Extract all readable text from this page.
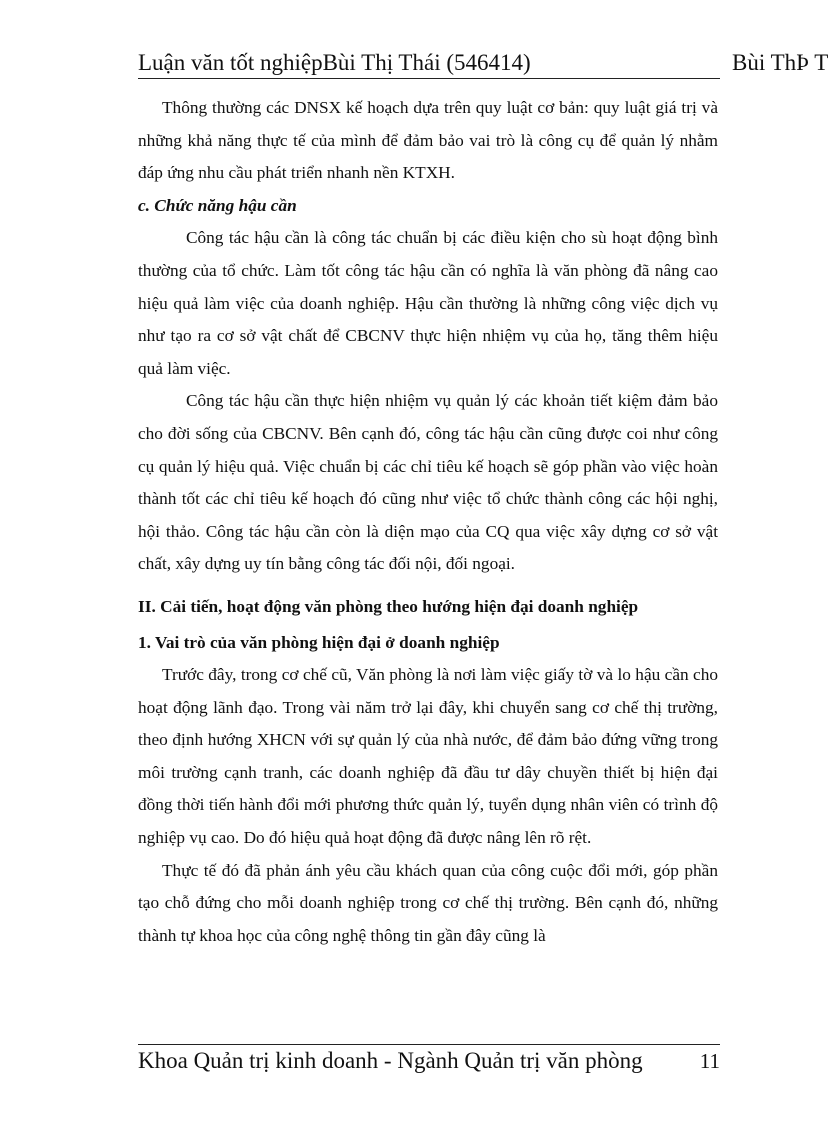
Luận văn tốt nghiệpBùi Thị Thái (546414)	Bùi ThÞ T

Thông thường các DNSX kế hoạch dựa trên quy luật cơ bản: quy luật giá trị và những khả năng thực tế của mình để đảm bảo vai trò là công cụ để quản lý nhằm đáp ứng nhu cầu phát triển nhanh nền KTXH.

c. Chức năng hậu cần

Công tác hậu cần là công tác chuẩn bị các điều kiện cho sù hoạt động bình thường của tổ chức. Làm tốt công tác hậu cần có nghĩa là văn phòng đã nâng cao hiệu quả làm việc của doanh nghiệp. Hậu cần thường là những công việc dịch vụ như tạo ra cơ sở vật chất để CBCNV thực hiện nhiệm vụ của họ, tăng thêm hiệu quả làm việc.

Công tác hậu cần thực hiện nhiệm vụ quản lý các khoản tiết kiệm đảm bảo cho đời sống của CBCNV. Bên cạnh đó, công tác hậu cần cũng được coi như công cụ quản lý hiệu quả. Việc chuẩn bị các chỉ tiêu kế hoạch sẽ góp phần vào việc hoàn thành tốt các chỉ tiêu kế hoạch đó cũng như việc tổ chức thành công các hội nghị, hội thảo. Công tác hậu cần còn là diện mạo của CQ qua việc xây dựng cơ sở vật chất, xây dựng uy tín bằng công tác đối nội, đối ngoại.

II. Cải tiến, hoạt động văn phòng theo hướng hiện đại doanh nghiệp

1. Vai trò của văn phòng hiện đại ở doanh nghiệp

Trước đây, trong cơ chế cũ, Văn phòng là nơi làm việc giấy tờ và lo hậu cần cho hoạt động lãnh đạo. Trong vài năm trở lại đây, khi chuyển sang cơ chế thị trường, theo định hướng XHCN với sự quản lý của nhà nước, để đảm bảo đứng vững trong môi trường cạnh tranh, các doanh nghiệp đã đầu tư dây chuyền thiết bị hiện đại đồng thời tiến hành đổi mới phương thức quản lý, tuyển dụng nhân viên có trình độ nghiệp vụ cao. Do đó hiệu quả hoạt động đã được nâng lên rõ rệt.

Thực tế đó đã phản ánh yêu cầu khách quan của công cuộc đổi mới, góp phần tạo chỗ đứng cho mỗi doanh nghiệp trong cơ chế thị trường. Bên cạnh đó, những thành tự khoa học của công nghệ thông tin gần đây cũng là

Khoa Quản trị kinh doanh - Ngành Quản trị văn phòng	11
